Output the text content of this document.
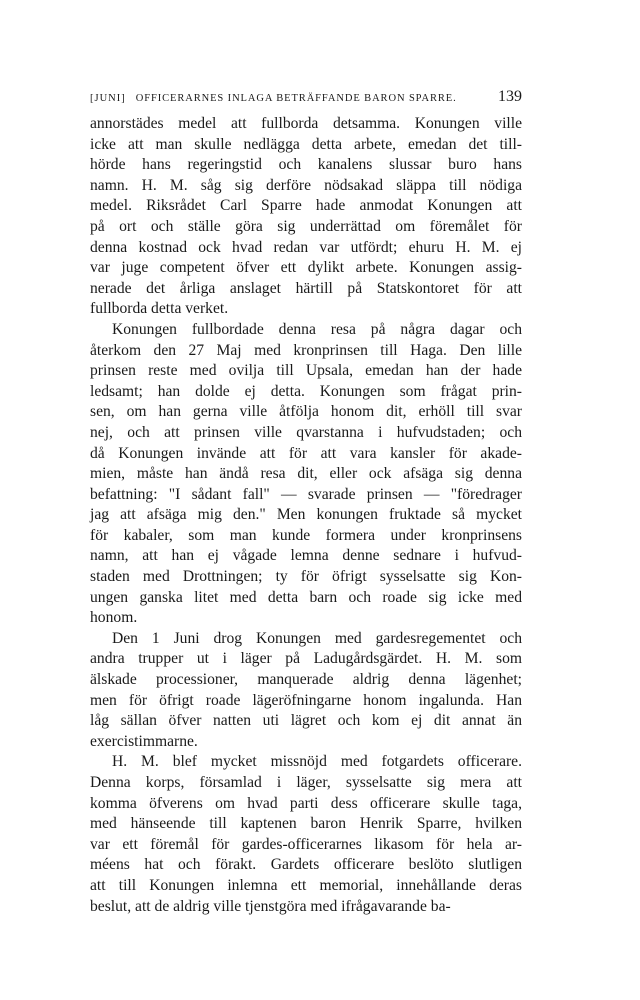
[JUNI] OFFICERARNES INLAGA BETRÄFFANDE BARON SPARRE.	139
annorstädes medel att fullborda detsamma. Konungen ville
icke att man skulle nedlägga detta arbete, emedan det till-
hörde hans regeringstid och kanalens slussar buro hans
namn. H. M. såg sig derföre nödsakad släppa till nödiga
medel. Riksrådet Carl Sparre hade anmodat Konungen att
på ort och ställe göra sig underrättad om föremålet för
denna kostnad ock hvad redan var utfördt; ehuru H. M. ej
var juge competent öfver ett dylikt arbete. Konungen assig-
nerade det årliga anslaget härtill på Statskontoret för att
fullborda detta verket.
Konungen fullbordade denna resa på några dagar och
återkom den 27 Maj med kronprinsen till Haga. Den lille
prinsen reste med ovilja till Upsala, emedan han der hade
ledsamt; han dolde ej detta. Konungen som frågat prin-
sen, om han gerna ville åtfölja honom dit, erhöll till svar
nej, och att prinsen ville qvarstanna i hufvudstaden; och
då Konungen invände att för att vara kansler för akade-
mien, måste han ändå resa dit, eller ock afsäga sig denna
befattning: "I sådant fall" — svarade prinsen — "föredrager
jag att afsäga mig den." Men konungen fruktade så mycket
för kabaler, som man kunde formera under kronprinsens
namn, att han ej vågade lemna denne sednare i hufvud-
staden med Drottningen; ty för öfrigt sysselsatte sig Kon-
ungen ganska litet med detta barn och roade sig icke med
honom.
Den 1 Juni drog Konungen med gardesregementet och
andra trupper ut i läger på Ladugårdsgärdet. H. M. som
älskade processioner, manquerade aldrig denna lägenhet;
men för öfrigt roade lägeröfningarne honom ingalunda. Han
låg sällan öfver natten uti lägret och kom ej dit annat än
exercistimmarne.
H. M. blef mycket missnöjd med fotgardets officerare.
Denna korps, församlad i läger, sysselsatte sig mera att
komma öfverens om hvad parti dess officerare skulle taga,
med hänseende till kaptenen baron Henrik Sparre, hvilken
var ett föremål för gardes-officerarnes likasom för hela ar-
méens hat och förakt. Gardets officerare beslöto slutligen
att till Konungen inlemna ett memorial, innehållande deras
beslut, att de aldrig ville tjenstgöra med ifrågavarande ba-
